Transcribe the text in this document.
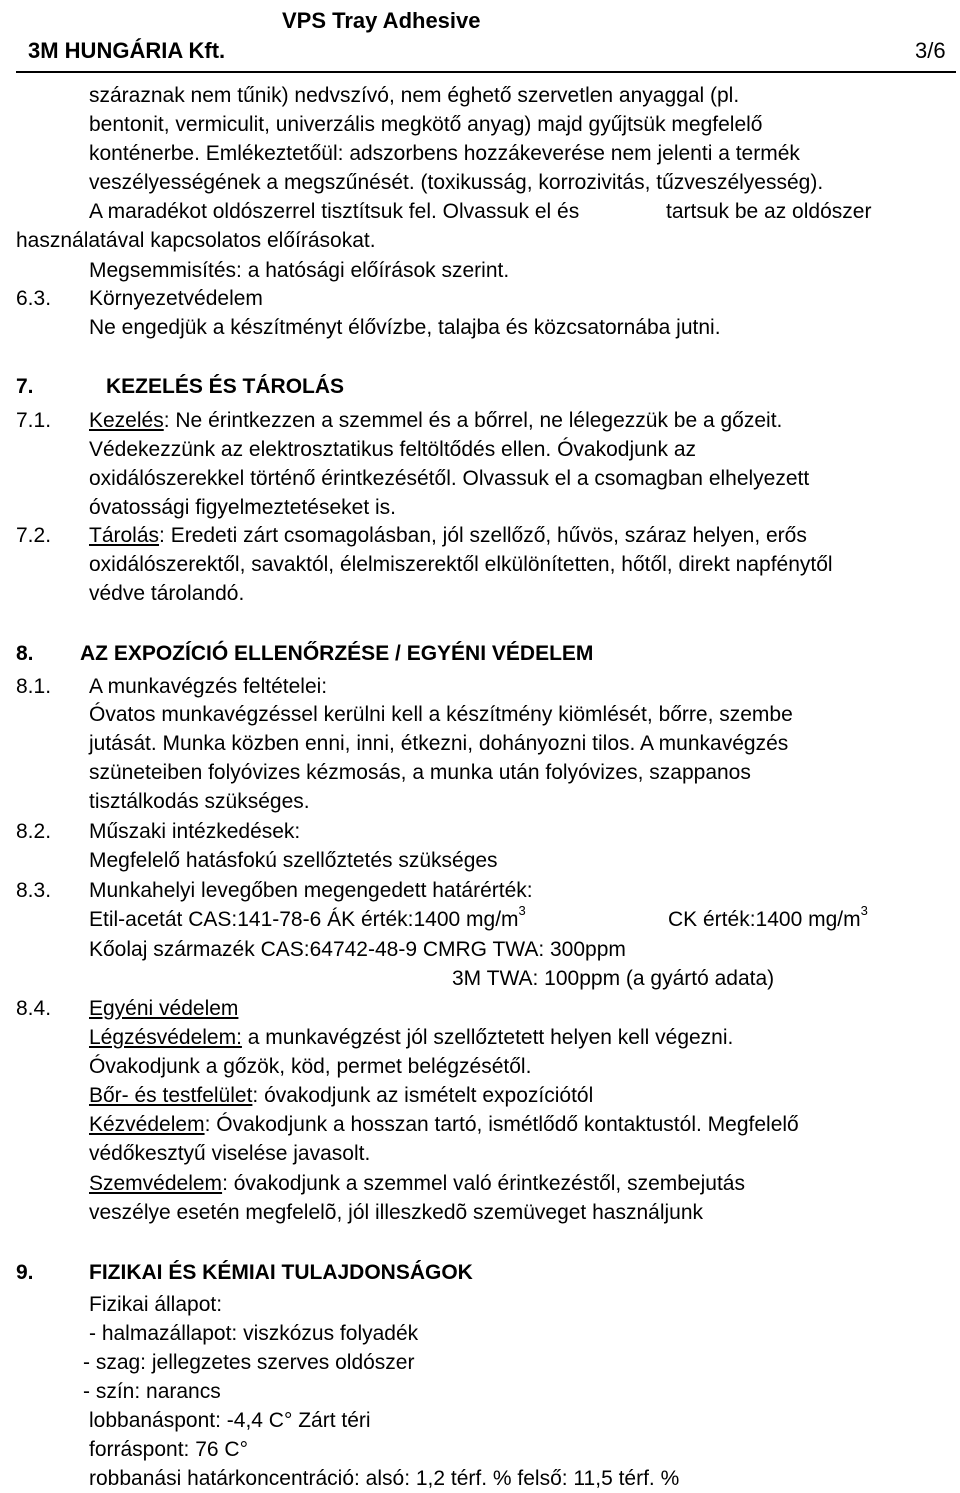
VPS Tray Adhesive
3M HUNGÁRIA Kft.	3/6
száraznak nem tűnik) nedvszívó, nem éghető szervetlen anyaggal (pl.
bentonit, vermiculit, univerzális megkötő anyag) majd gyűjtsük megfelelő
konténerbe. Emlékeztetőül: adszorbens hozzákeverése nem jelenti a termék
veszélyességének a megszűnését. (toxikusság, korrozivitás, tűzveszélyesség).
A maradékot oldószerrel tisztítsuk fel. Olvassuk el és	tartsuk be az oldószer
használatával kapcsolatos előírásokat.
Megsemmisítés: a hatósági előírások szerint.
6.3. Környezetvédelem
Ne engedjük a készítményt élővízbe, talajba és közcsatornába jutni.
7.	KEZELÉS ÉS TÁROLÁS
7.1. Kezelés: Ne érintkezzen a szemmel és a bőrrel, ne lélegezzük be a gőzeit.
Védekezzünk az elektrosztatikus feltöltődés ellen. Óvakodjunk az
oxidálószerekkel történő érintkezésétől. Olvassuk el a csomagban elhelyezett
óvatossági figyelmeztetéseket is.
7.2. Tárolás: Eredeti zárt csomagolásban, jól szellőző, hűvös, száraz helyen, erős
oxidálószerektől, savaktól, élelmiszerektől elkülönítetten, hőtől, direkt napfénytől
védve tárolandó.
8. AZ EXPOZÍCIÓ ELLENŐRZÉSE / EGYÉNI VÉDELEM
8.1. A munkavégzés feltételei:
Óvatos munkavégzéssel kerülni kell a készítmény kiömlését, bőrre, szembe
jutását. Munka közben enni, inni, étkezni, dohányozni tilos. A munkavégzés
szüneteiben folyóvizes kézmosás, a munka után folyóvizes, szappanos
tisztálkodás szükséges.
8.2. Műszaki intézkedések:
Megfelelő hatásfokú szellőztetés szükséges
8.3. Munkahelyi levegőben megengedett határérték:
Etil-acetát CAS:141-78-6 ÁK érték:1400 $mg/m^3$	CK érték:1400 $mg/m^3$
Kőolaj származék CAS:64742-48-9 CMRG TWA: 300ppm
3M TWA: 100ppm (a gyártó adata)
8.4. Egyéni védelem
Légzésvédelem: a munkavégzést jól szellőztetett helyen kell végezni.
Óvakodjunk a gőzök, köd, permet belégzésétől.
Bőr- és testfelület: óvakodjunk az ismételt expozíciótól
Kézvédelem: Óvakodjunk a hosszan tartó, ismétlődő kontaktustól. Megfelelő
védőkesztyű viselése javasolt.
Szemvédelem: óvakodjunk a szemmel való érintkezéstől, szembejutás
veszélye esetén megfelelõ, jól illeszkedõ szemüveget használjunk
9.	FIZIKAI ÉS KÉMIAI TULAJDONSÁGOK
Fizikai állapot:
- halmazállapot: viszkózus folyadék
- szag: jellegzetes szerves oldószer
- szín: narancs
lobbanáspont: -4,4 C° Zárt téri
forráspont: 76 C°
robbanási határkoncentráció: alsó: 1,2 térf. % felső: 11,5 térf. %
